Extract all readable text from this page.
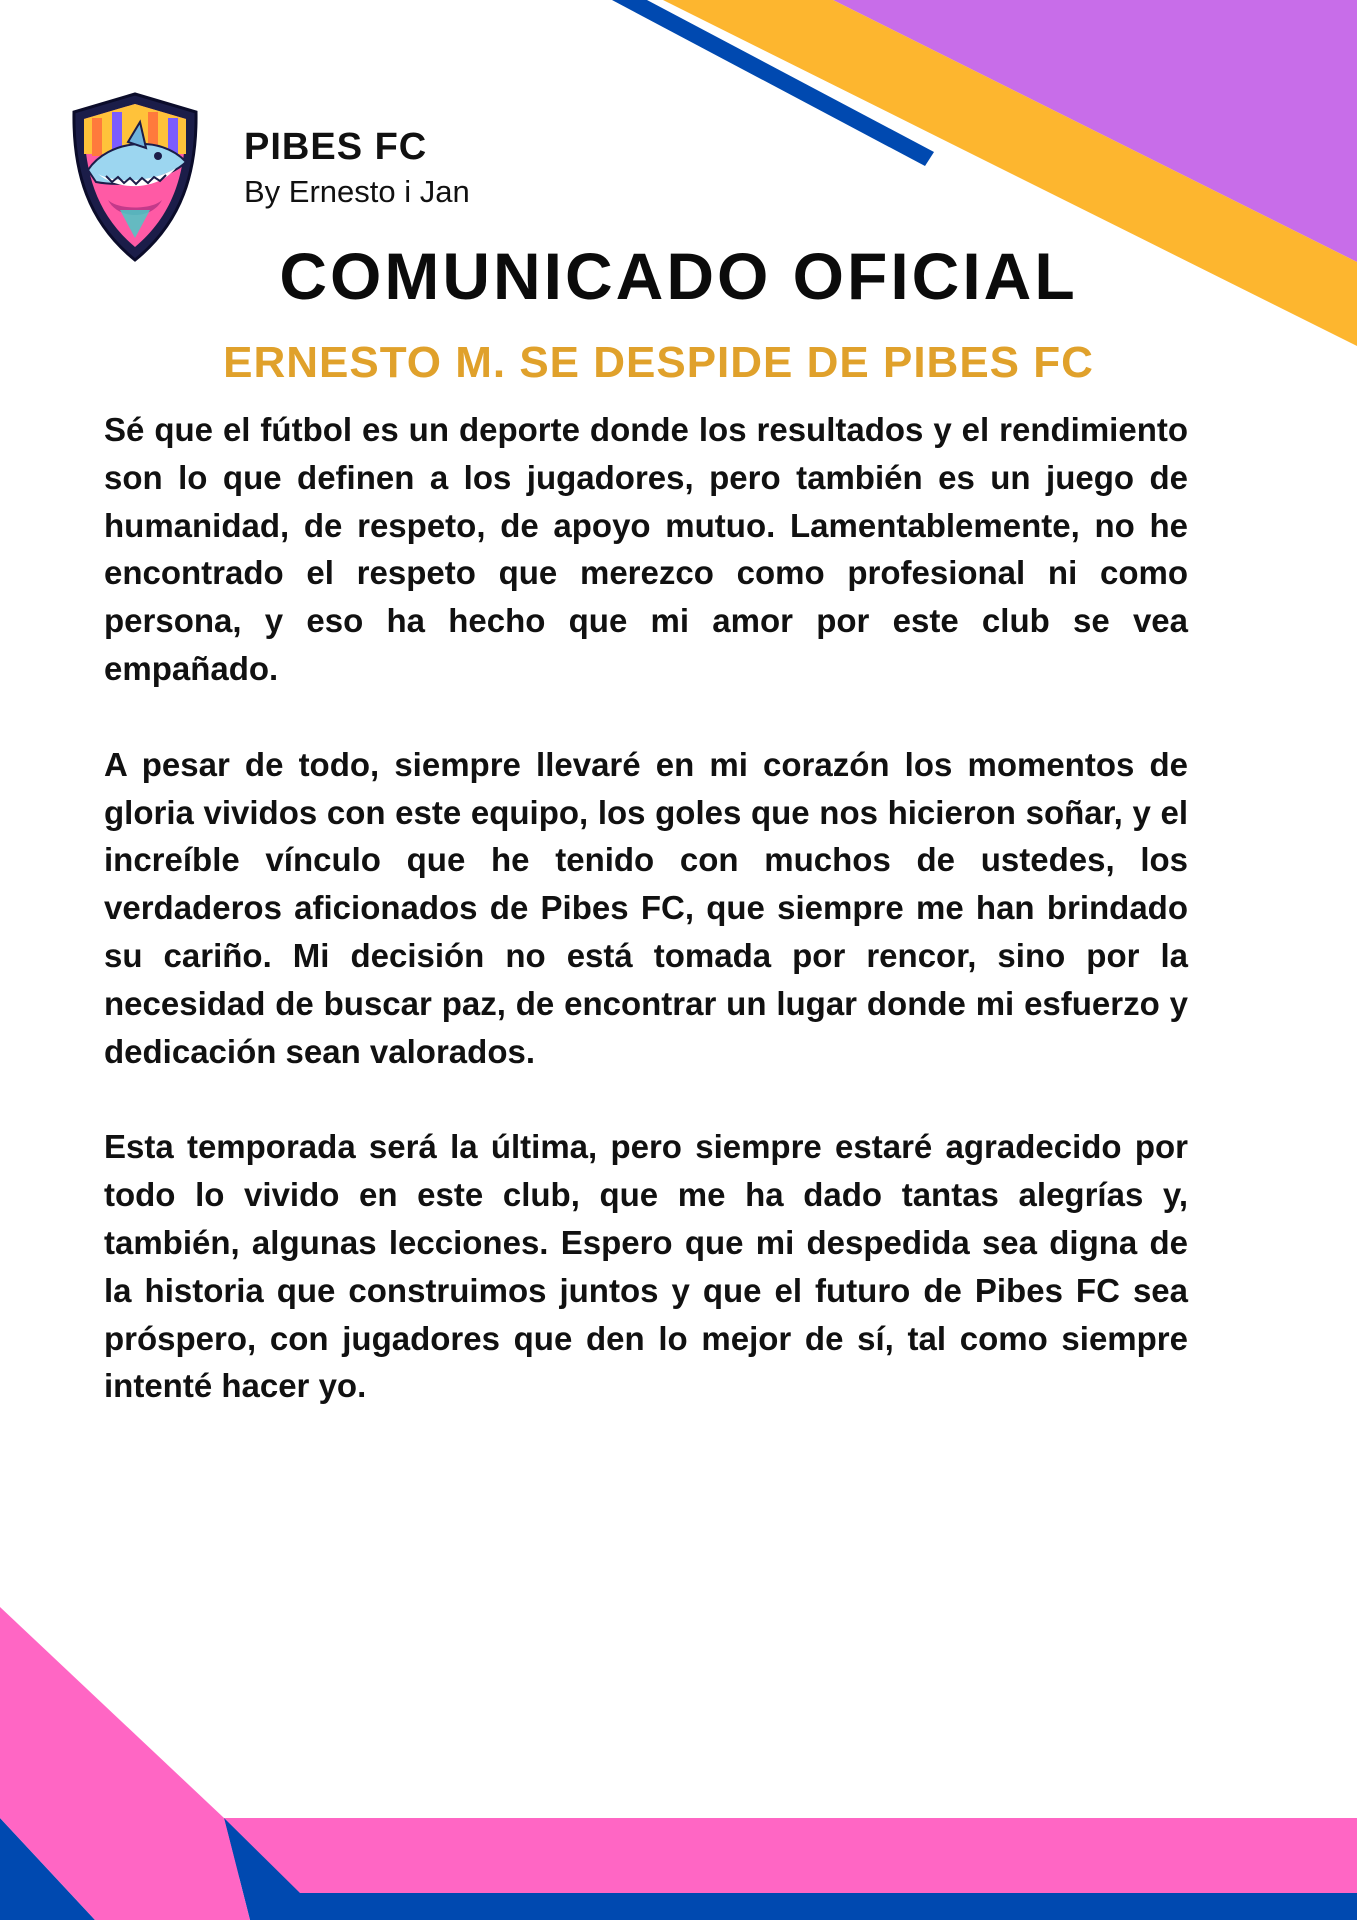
PIBES FC
By Ernesto i Jan
COMUNICADO OFICIAL
ERNESTO M. SE DESPIDE DE PIBES FC

Sé que el fútbol es un deporte donde los resultados y el rendimiento son lo que definen a los jugadores, pero también es un juego de humanidad, de respeto, de apoyo mutuo. Lamentablemente, no he encontrado el respeto que merezco como profesional ni como persona, y eso ha hecho que mi amor por este club se vea empañado.

A pesar de todo, siempre llevaré en mi corazón los momentos de gloria vividos con este equipo, los goles que nos hicieron soñar, y el increíble vínculo que he tenido con muchos de ustedes, los verdaderos aficionados de Pibes FC, que siempre me han brindado su cariño. Mi decisión no está tomada por rencor, sino por la necesidad de buscar paz, de encontrar un lugar donde mi esfuerzo y dedicación sean valorados.

Esta temporada será la última, pero siempre estaré agradecido por todo lo vivido en este club, que me ha dado tantas alegrías y, también, algunas lecciones. Espero que mi despedida sea digna de la historia que construimos juntos y que el futuro de Pibes FC sea próspero, con jugadores que den lo mejor de sí, tal como siempre intenté hacer yo.
